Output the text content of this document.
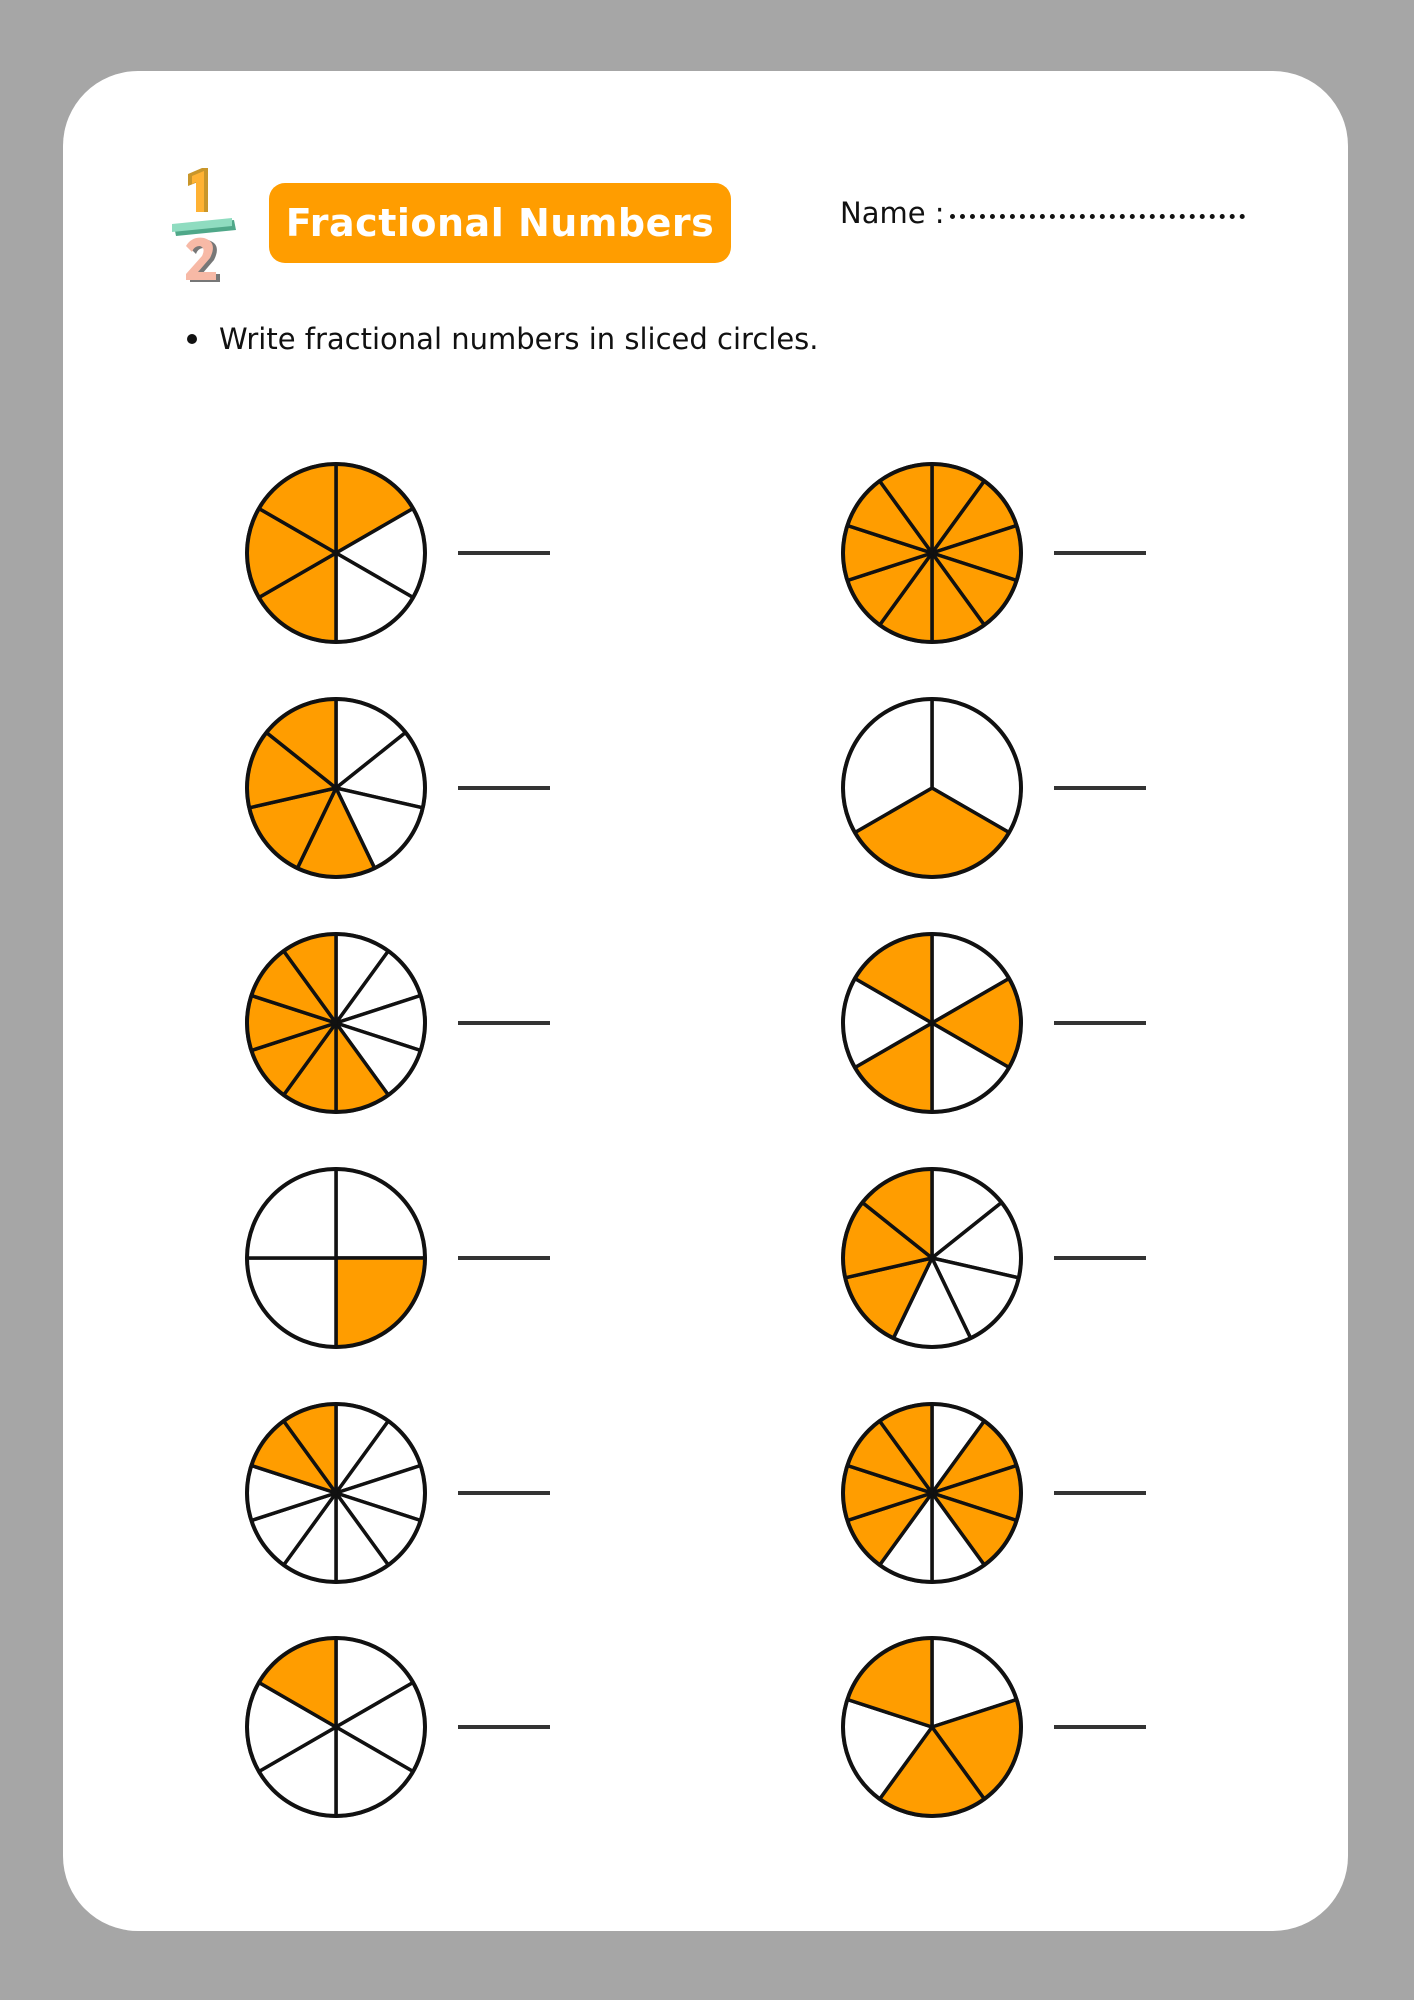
Fractional Numbers	Name :
Write fractional numbers in sliced circles.
